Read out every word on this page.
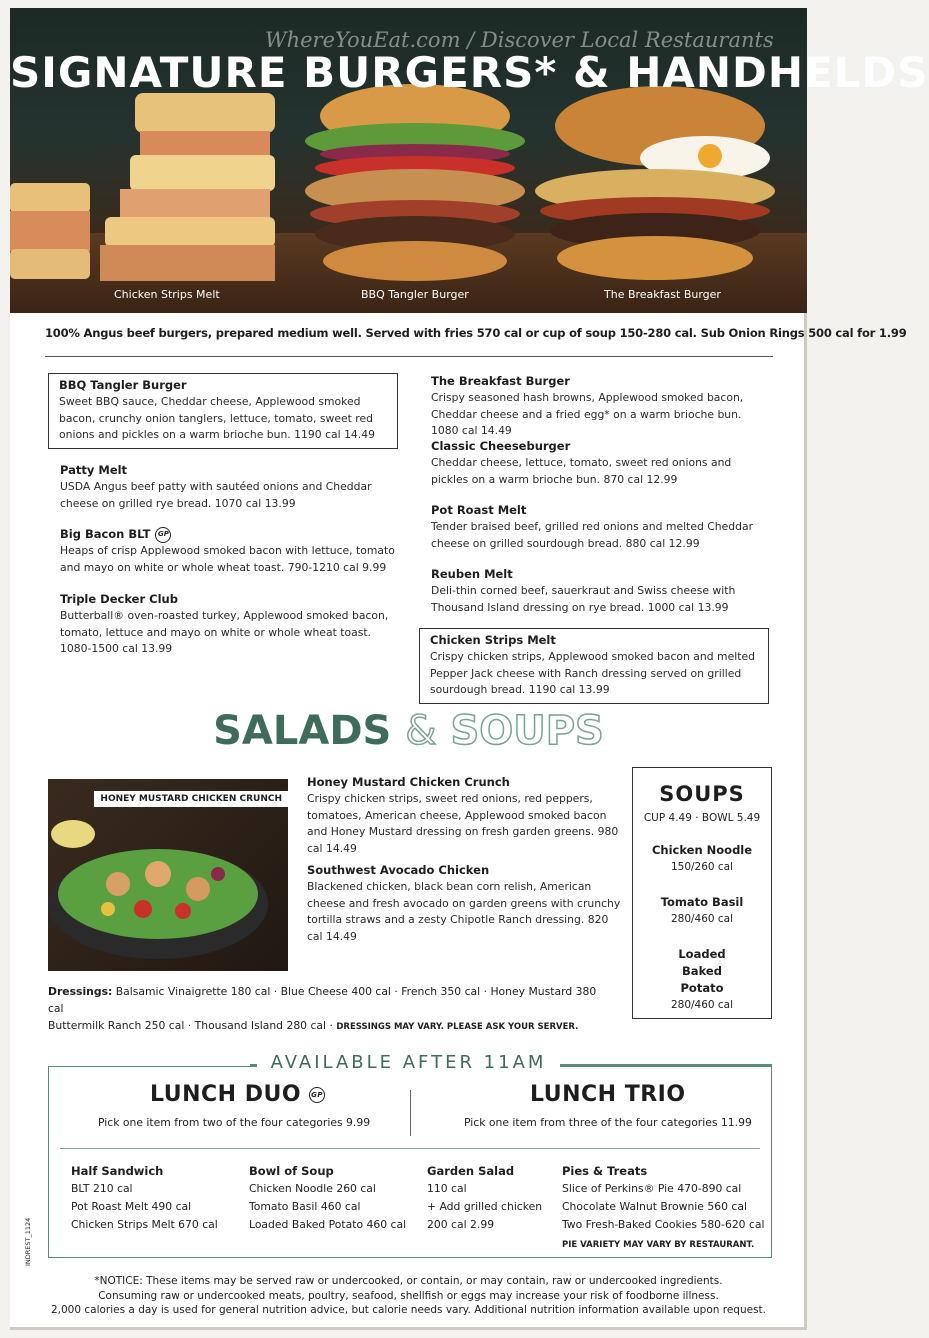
WhereYouEat.com / Discover Local Restaurants
SIGNATURE BURGERS* & HANDHELDS
Chicken Strips Melt	BBQ Tangler Burger	The Breakfast Burger
100% Angus beef burgers, prepared medium well. Served with fries 570 cal or cup of soup 150-280 cal. Sub Onion Rings 500 cal for 1.99
BBQ Tangler Burger
Sweet BBQ sauce, Cheddar cheese, Applewood smoked bacon, crunchy onion tanglers, lettuce, tomato, sweet red onions and pickles on a warm brioche bun. 1190 cal 14.49
Patty Melt
USDA Angus beef patty with sautéed onions and Cheddar cheese on grilled rye bread. 1070 cal 13.99
Big Bacon BLT	GP
Heaps of crisp Applewood smoked bacon with lettuce, tomato and mayo on white or whole wheat toast. 790-1210 cal 9.99
Triple Decker Club
Butterball® oven-roasted turkey, Applewood smoked bacon, tomato, lettuce and mayo on white or whole wheat toast. 1080-1500 cal 13.99
The Breakfast Burger
Crispy seasoned hash browns, Applewood smoked bacon, Cheddar cheese and a fried egg* on a warm brioche bun. 1080 cal 14.49
Classic Cheeseburger
Cheddar cheese, lettuce, tomato, sweet red onions and pickles on a warm brioche bun. 870 cal 12.99
Pot Roast Melt
Tender braised beef, grilled red onions and melted Cheddar cheese on grilled sourdough bread. 880 cal 12.99
Reuben Melt
Deli-thin corned beef, sauerkraut and Swiss cheese with Thousand Island dressing on rye bread. 1000 cal 13.99
Chicken Strips Melt
Crispy chicken strips, Applewood smoked bacon and melted Pepper Jack cheese with Ranch dressing served on grilled sourdough bread. 1190 cal 13.99
SALADS & SOUPS
HONEY MUSTARD CHICKEN CRUNCH
Honey Mustard Chicken Crunch
Crispy chicken strips, sweet red onions, red peppers, tomatoes, American cheese, Applewood smoked bacon and Honey Mustard dressing on fresh garden greens. 980 cal 14.49
Southwest Avocado Chicken
Blackened chicken, black bean corn relish, American cheese and fresh avocado on garden greens with crunchy tortilla straws and a zesty Chipotle Ranch dressing. 820 cal 14.49
Dressings: Balsamic Vinaigrette 180 cal · Blue Cheese 400 cal · French 350 cal · Honey Mustard 380 cal
Buttermilk Ranch 250 cal · Thousand Island 280 cal · DRESSINGS MAY VARY. PLEASE ASK YOUR SERVER.
SOUPS
CUP 4.49 · BOWL 5.49
Chicken Noodle
150/260 cal
Tomato Basil
280/460 cal
Loaded Baked Potato
280/460 cal
AVAILABLE AFTER 11AM
LUNCH DUO GP
Pick one item from two of the four categories 9.99
LUNCH TRIO
Pick one item from three of the four categories 11.99
Half Sandwich
BLT 210 cal
Pot Roast Melt 490 cal
Chicken Strips Melt 670 cal
Bowl of Soup
Chicken Noodle 260 cal
Tomato Basil 460 cal
Loaded Baked Potato 460 cal
Garden Salad
110 cal
+ Add grilled chicken
200 cal 2.99
Pies & Treats
Slice of Perkins® Pie 470-890 cal
Chocolate Walnut Brownie 560 cal
Two Fresh-Baked Cookies 580-620 cal
PIE VARIETY MAY VARY BY RESTAURANT.
*NOTICE: These items may be served raw or undercooked, or contain, or may contain, raw or undercooked ingredients.
Consuming raw or undercooked meats, poultry, seafood, shellfish or eggs may increase your risk of foodborne illness.
2,000 calories a day is used for general nutrition advice, but calorie needs vary. Additional nutrition information available upon request.
INDREST_1124
